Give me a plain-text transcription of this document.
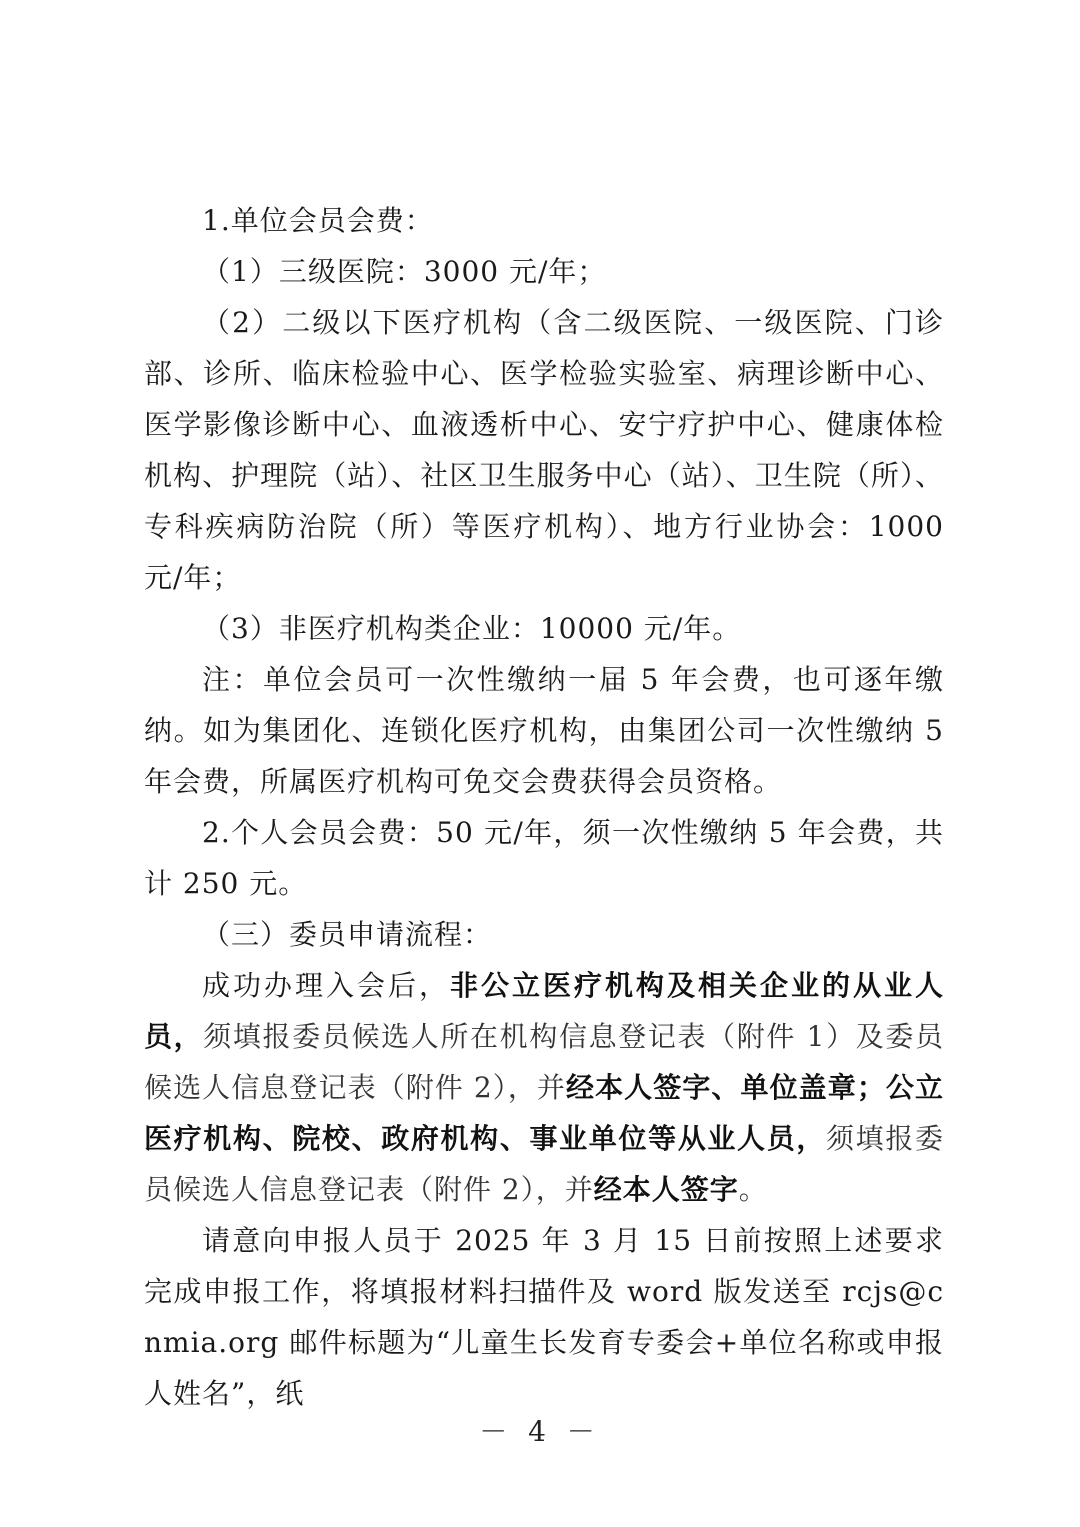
1.单位会员会费：

（1）三级医院：3000 元/年；

（2）二级以下医疗机构（含二级医院、一级医院、门诊部、诊所、临床检验中心、医学检验实验室、病理诊断中心、医学影像诊断中心、血液透析中心、安宁疗护中心、健康体检机构、护理院（站）、社区卫生服务中心（站）、卫生院（所）、专科疾病防治院（所）等医疗机构）、地方行业协会：1000 元/年；

（3）非医疗机构类企业：10000 元/年。

注：单位会员可一次性缴纳一届 5 年会费，也可逐年缴纳。如为集团化、连锁化医疗机构，由集团公司一次性缴纳 5 年会费，所属医疗机构可免交会费获得会员资格。

2.个人会员会费：50 元/年，须一次性缴纳 5 年会费，共计 250 元。

（三）委员申请流程：

成功办理入会后，非公立医疗机构及相关企业的从业人员，须填报委员候选人所在机构信息登记表（附件 1）及委员候选人信息登记表（附件 2），并经本人签字、单位盖章；公立医疗机构、院校、政府机构、事业单位等从业人员，须填报委员候选人信息登记表（附件 2），并经本人签字。

请意向申报人员于 2025 年 3 月 15 日前按照上述要求完成申报工作，将填报材料扫描件及 word 版发送至 rcjs@cnmia.org 邮件标题为“儿童生长发育专委会+单位名称或申报人姓名”，纸

－ 4 －
